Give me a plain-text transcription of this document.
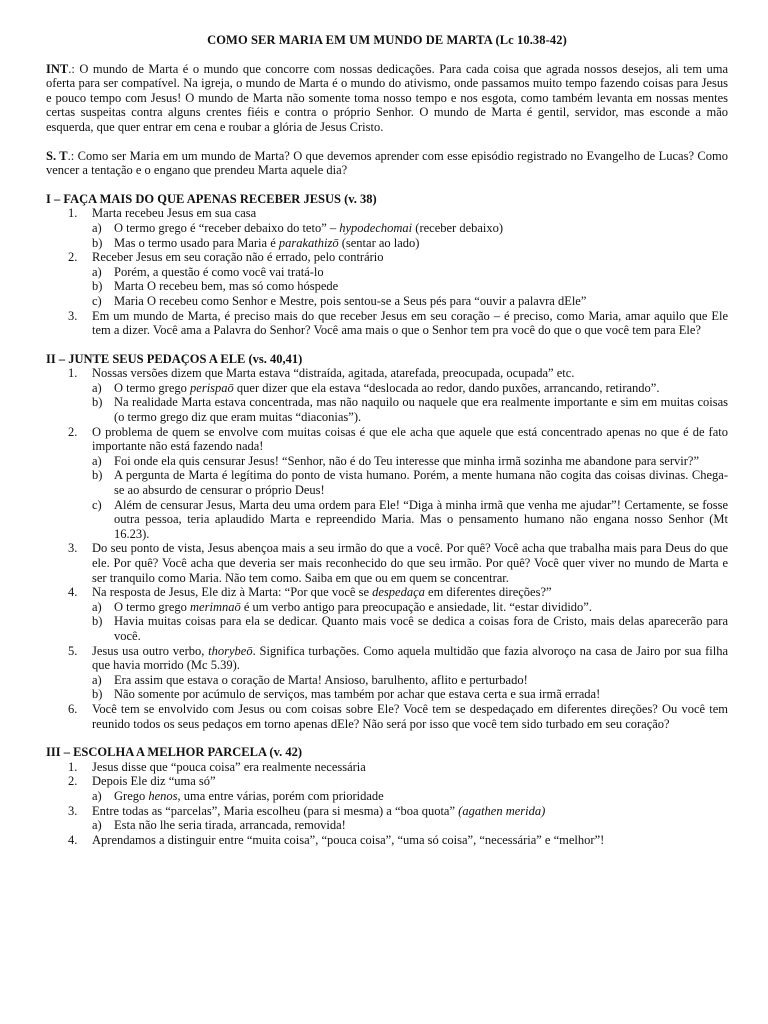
COMO SER MARIA EM UM MUNDO DE MARTA (Lc 10.38-42)

INT.: O mundo de Marta é o mundo que concorre com nossas dedicações. Para cada coisa que agrada nossos desejos, ali tem uma oferta para ser compatível. Na igreja, o mundo de Marta é o mundo do ativismo, onde passamos muito tempo fazendo coisas para Jesus e pouco tempo com Jesus! O mundo de Marta não somente toma nosso tempo e nos esgota, como também levanta em nossas mentes certas suspeitas contra alguns crentes fiéis e contra o próprio Senhor. O mundo de Marta é gentil, servidor, mas esconde a mão esquerda, que quer entrar em cena e roubar a glória de Jesus Cristo.

S. T.: Como ser Maria em um mundo de Marta? O que devemos aprender com esse episódio registrado no Evangelho de Lucas? Como vencer a tentação e o engano que prendeu Marta aquele dia?

I – FAÇA MAIS DO QUE APENAS RECEBER JESUS (v. 38)
1. Marta recebeu Jesus em sua casa
a) O termo grego é “receber debaixo do teto” – hypodechomai (receber debaixo)
b) Mas o termo usado para Maria é parakathizō (sentar ao lado)
2. Receber Jesus em seu coração não é errado, pelo contrário
a) Porém, a questão é como você vai tratá-lo
b) Marta O recebeu bem, mas só como hóspede
c) Maria O recebeu como Senhor e Mestre, pois sentou-se a Seus pés para “ouvir a palavra dEle”
3. Em um mundo de Marta, é preciso mais do que receber Jesus em seu coração – é preciso, como Maria, amar aquilo que Ele tem a dizer. Você ama a Palavra do Senhor? Você ama mais o que o Senhor tem pra você do que o que você tem para Ele?
II – JUNTE SEUS PEDAÇOS A ELE (vs. 40,41)
1. Nossas versões dizem que Marta estava “distraída, agitada, atarefada, preocupada, ocupada” etc.
a) O termo grego perispaō quer dizer que ela estava “deslocada ao redor, dando puxões, arrancando, retirando”.
b) Na realidade Marta estava concentrada, mas não naquilo ou naquele que era realmente importante e sim em muitas coisas (o termo grego diz que eram muitas “diaconias”).
2. O problema de quem se envolve com muitas coisas é que ele acha que aquele que está concentrado apenas no que é de fato importante não está fazendo nada!
a) Foi onde ela quis censurar Jesus! “Senhor, não é do Teu interesse que minha irmã sozinha me abandone para servir?”
b) A pergunta de Marta é legítima do ponto de vista humano. Porém, a mente humana não cogita das coisas divinas. Chega-se ao absurdo de censurar o próprio Deus!
c) Além de censurar Jesus, Marta deu uma ordem para Ele! “Diga à minha irmã que venha me ajudar”! Certamente, se fosse outra pessoa, teria aplaudido Marta e repreendido Maria. Mas o pensamento humano não engana nosso Senhor (Mt 16.23).
3. Do seu ponto de vista, Jesus abençoa mais a seu irmão do que a você. Por quê? Você acha que trabalha mais para Deus do que ele. Por quê? Você acha que deveria ser mais reconhecido do que seu irmão. Por quê? Você quer viver no mundo de Marta e ser tranquilo como Maria. Não tem como. Saiba em que ou em quem se concentrar.
4. Na resposta de Jesus, Ele diz à Marta: “Por que você se despedaça em diferentes direções?”
a) O termo grego merimnaō é um verbo antigo para preocupação e ansiedade, lit. “estar dividido”.
b) Havia muitas coisas para ela se dedicar. Quanto mais você se dedica a coisas fora de Cristo, mais delas aparecerão para você.
5. Jesus usa outro verbo, thorybeō. Significa turbações. Como aquela multidão que fazia alvoroço na casa de Jairo por sua filha que havia morrido (Mc 5.39).
a) Era assim que estava o coração de Marta! Ansioso, barulhento, aflito e perturbado!
b) Não somente por acúmulo de serviços, mas também por achar que estava certa e sua irmã errada!
6. Você tem se envolvido com Jesus ou com coisas sobre Ele? Você tem se despedaçado em diferentes direções? Ou você tem reunido todos os seus pedaços em torno apenas dEle? Não será por isso que você tem sido turbado em seu coração?
III – ESCOLHA A MELHOR PARCELA (v. 42)
1. Jesus disse que “pouca coisa” era realmente necessária
2. Depois Ele diz “uma só”
a) Grego henos, uma entre várias, porém com prioridade
3. Entre todas as “parcelas”, Maria escolheu (para si mesma) a “boa quota” (agathen merida)
a) Esta não lhe seria tirada, arrancada, removida!
4. Aprendamos a distinguir entre “muita coisa”, “pouca coisa”, “uma só coisa”, “necessária” e “melhor”!
